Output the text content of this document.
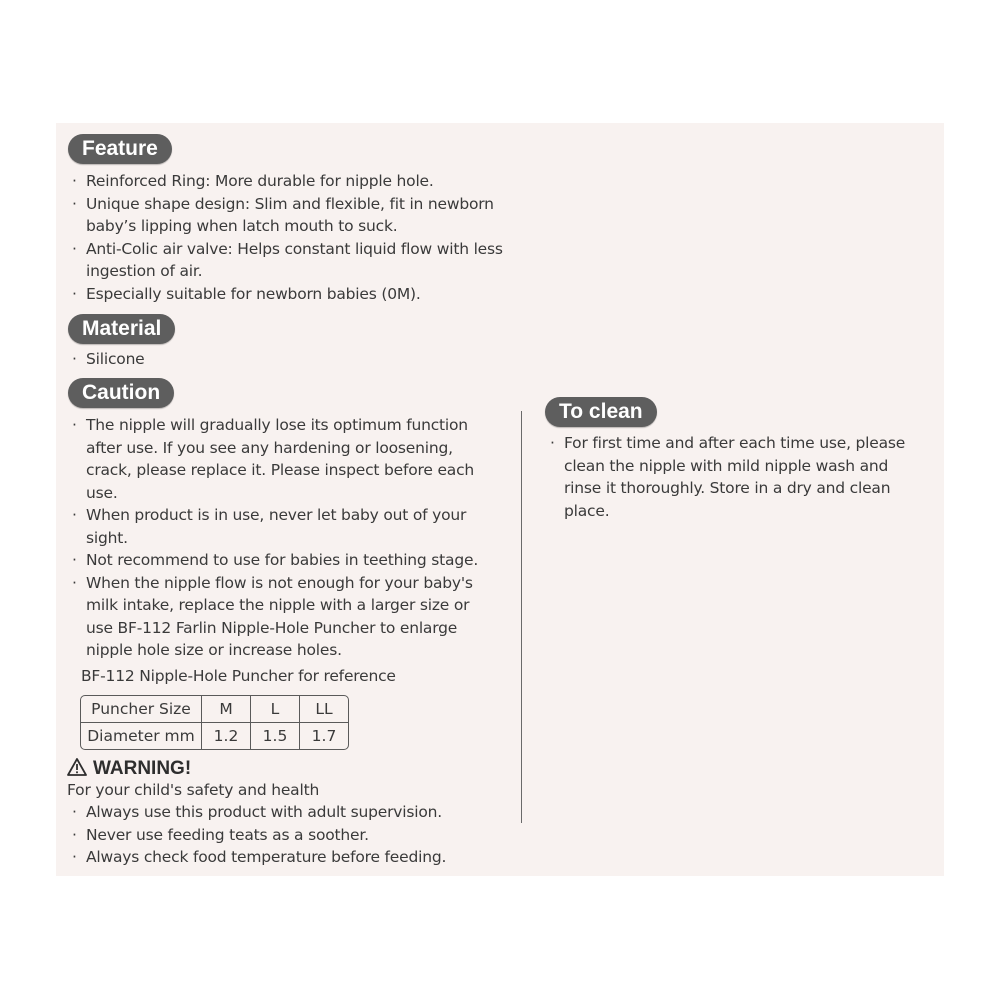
Feature
· Reinforced Ring: More durable for nipple hole.
· Unique shape design: Slim and flexible, fit in newborn
baby’s lipping when latch mouth to suck.
· Anti-Colic air valve: Helps constant liquid flow with less
ingestion of air.
· Especially suitable for newborn babies (0M).
Material
· Silicone
Caution
· The nipple will gradually lose its optimum function
after use. If you see any hardening or loosening,
crack, please replace it. Please inspect before each
use.
· When product is in use, never let baby out of your
sight.
· Not recommend to use for babies in teething stage.
· When the nipple flow is not enough for your baby's
milk intake, replace the nipple with a larger size or
use BF-112 Farlin Nipple-Hole Puncher to enlarge
nipple hole size or increase holes.
BF-112 Nipple-Hole Puncher for reference
Puncher Size	M	L	LL
Diameter mm	1.2	1.5	1.7
WARNING!
For your child's safety and health
· Always use this product with adult supervision.
· Never use feeding teats as a soother.
· Always check food temperature before feeding.
To clean
· For first time and after each time use, please
clean the nipple with mild nipple wash and
rinse it thoroughly. Store in a dry and clean
place.
